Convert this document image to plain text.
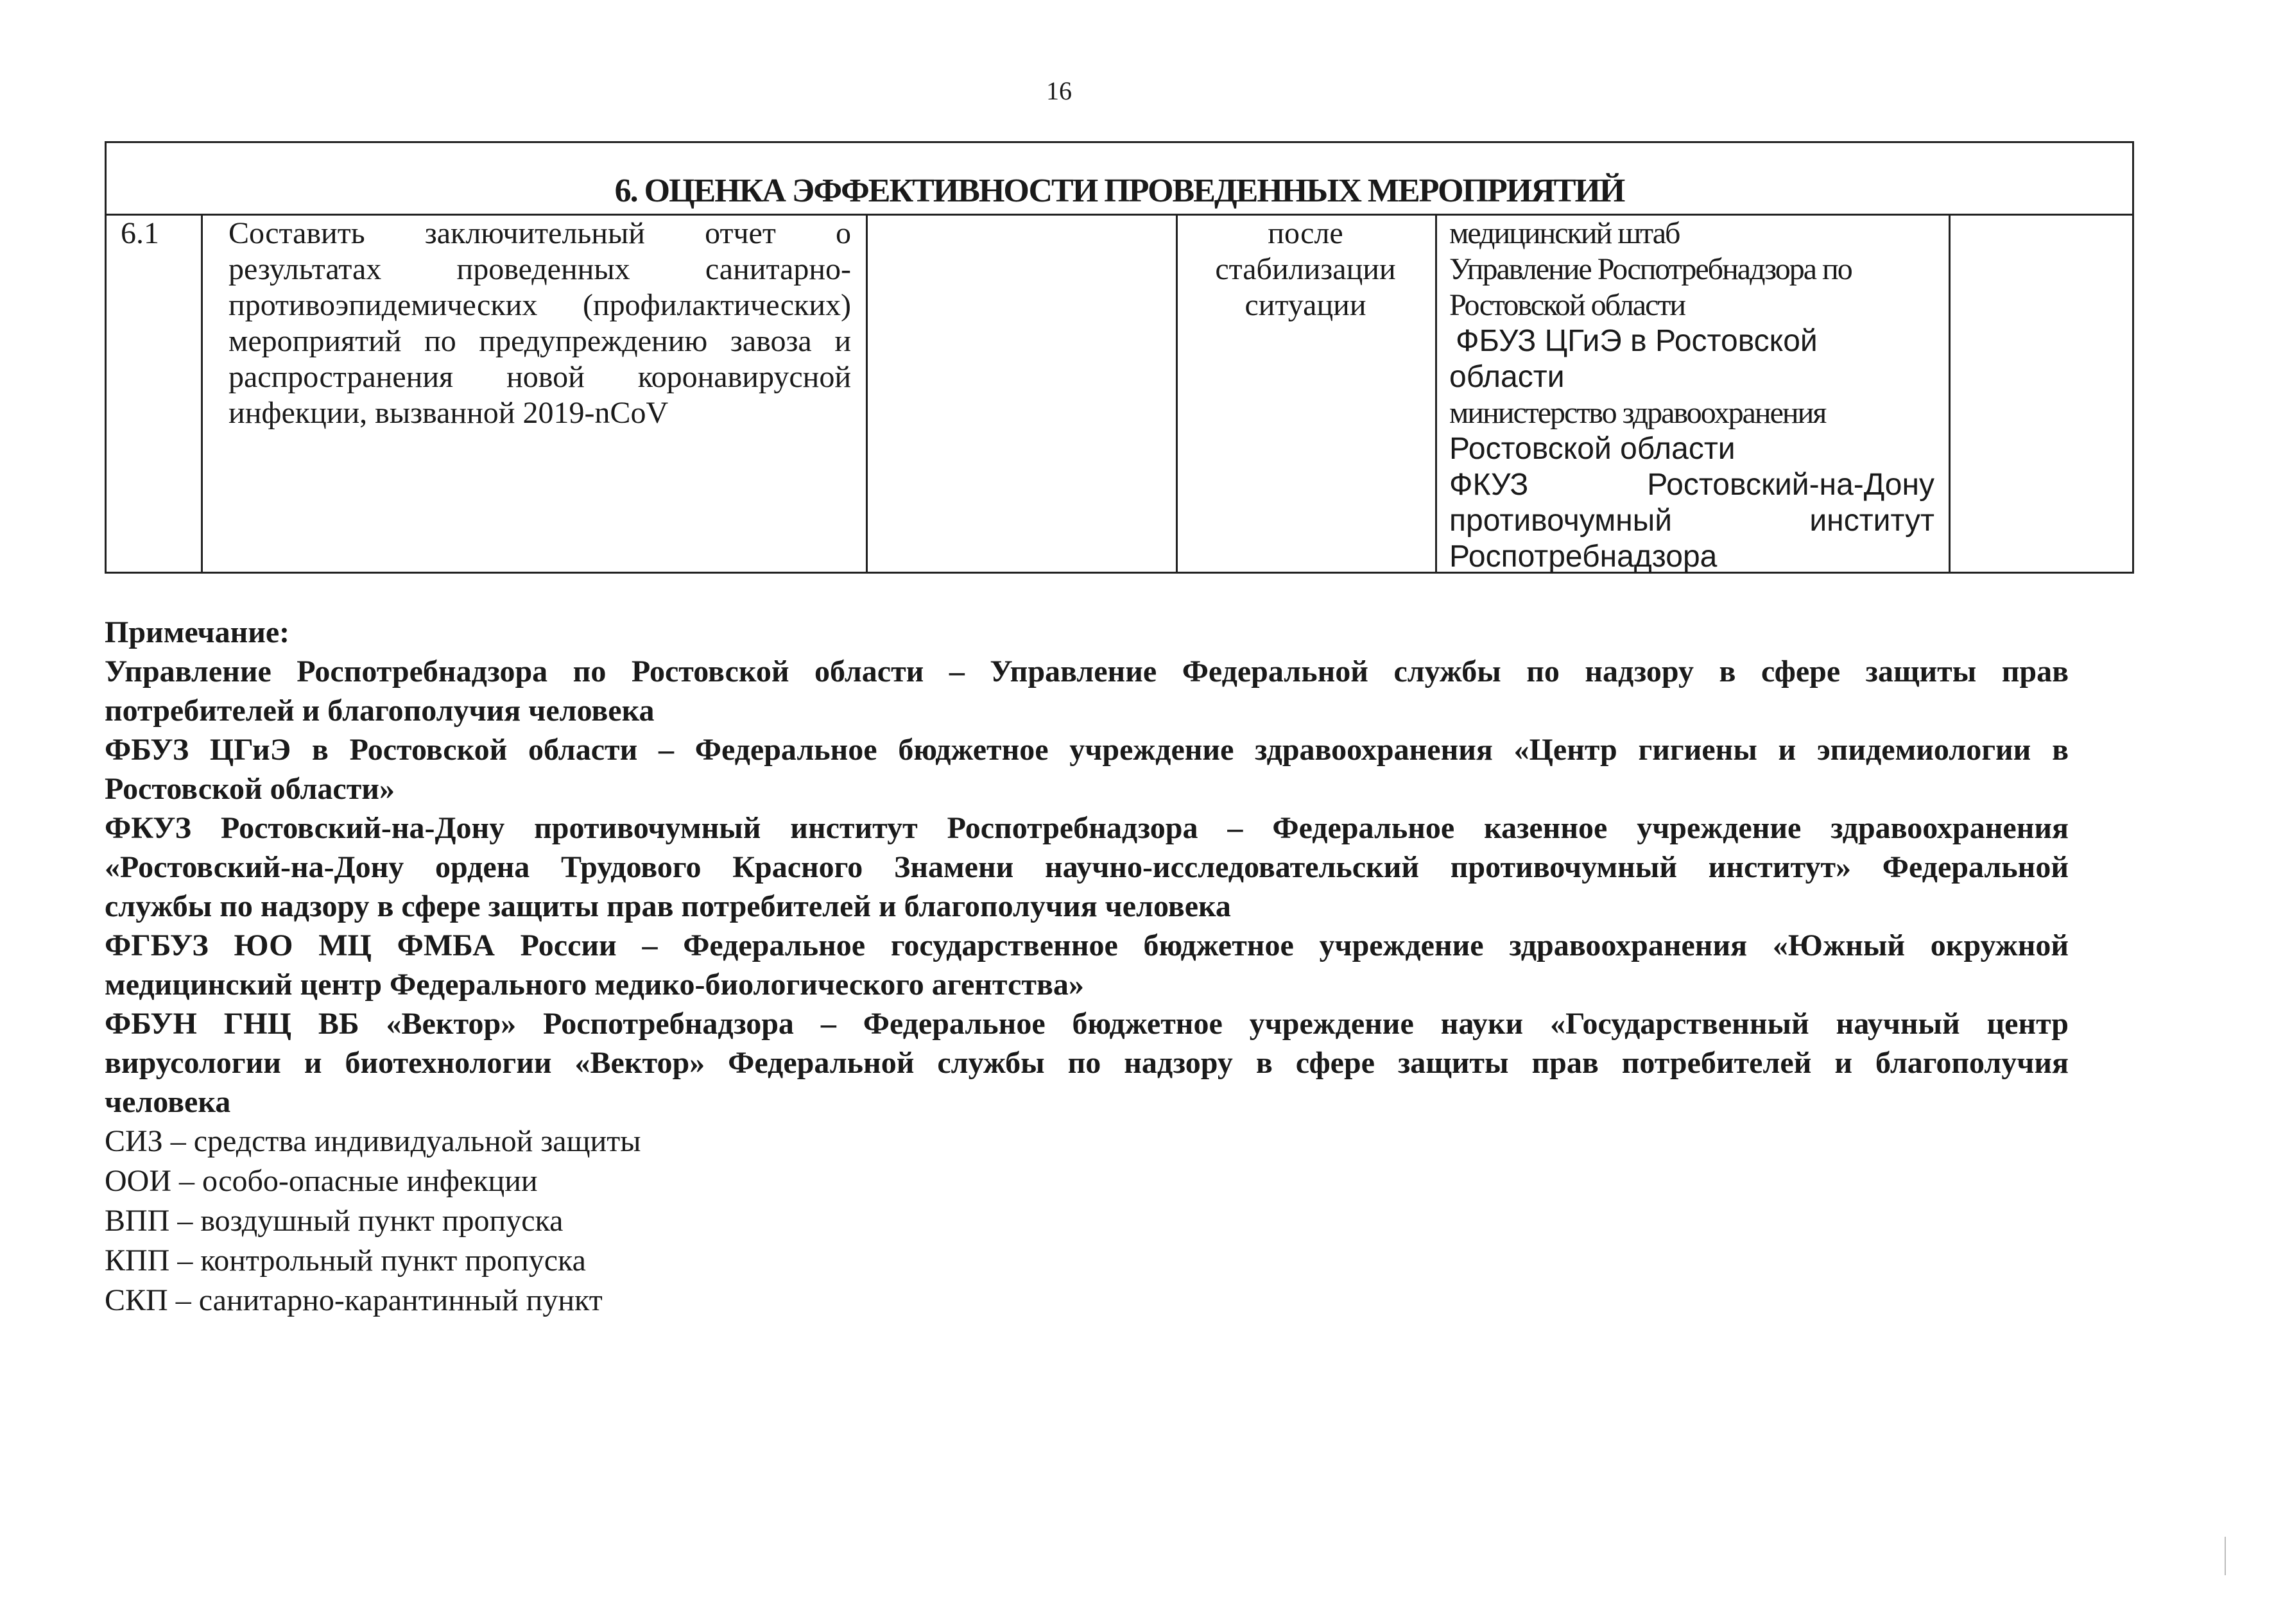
16
6. ОЦЕНКА ЭФФЕКТИВНОСТИ ПРОВЕДЕННЫХ МЕРОПРИЯТИЙ
6.1	Составить заключительный отчет о
результатах проведенных санитарно-
противоэпидемических (профилактических)
мероприятий по предупреждению завоза и
распространения новой коронавирусной
инфекции, вызванной 2019-nCoV
после
стабилизации
ситуации
медицинский штаб
Управление Роспотребнадзора по
Ростовской области
ФБУЗ ЦГиЭ в Ростовской
области
министерство здравоохранения
Ростовской области
ФКУЗ Ростовский-на-Дону
противочумный институт
Роспотребнадзора
Примечание:
Управление Роспотребнадзора по Ростовской области – Управление Федеральной службы по надзору в сфере защиты прав
потребителей и благополучия человека
ФБУЗ ЦГиЭ в Ростовской области – Федеральное бюджетное учреждение здравоохранения «Центр гигиены и эпидемиологии в
Ростовской области»
ФКУЗ Ростовский-на-Дону противочумный институт Роспотребнадзора – Федеральное казенное учреждение здравоохранения
«Ростовский-на-Дону ордена Трудового Красного Знамени научно-исследовательский противочумный институт» Федеральной
службы по надзору в сфере защиты прав потребителей и благополучия человека
ФГБУЗ ЮО МЦ ФМБА России – Федеральное государственное бюджетное учреждение здравоохранения «Южный окружной
медицинский центр Федерального медико-биологического агентства»
ФБУН ГНЦ ВБ «Вектор» Роспотребнадзора – Федеральное бюджетное учреждение науки «Государственный научный центр
вирусологии и биотехнологии «Вектор» Федеральной службы по надзору в сфере защиты прав потребителей и благополучия
человека
СИЗ – средства индивидуальной защиты
ООИ – особо-опасные инфекции
ВПП – воздушный пункт пропуска
КПП – контрольный пункт пропуска
СКП – санитарно-карантинный пункт
